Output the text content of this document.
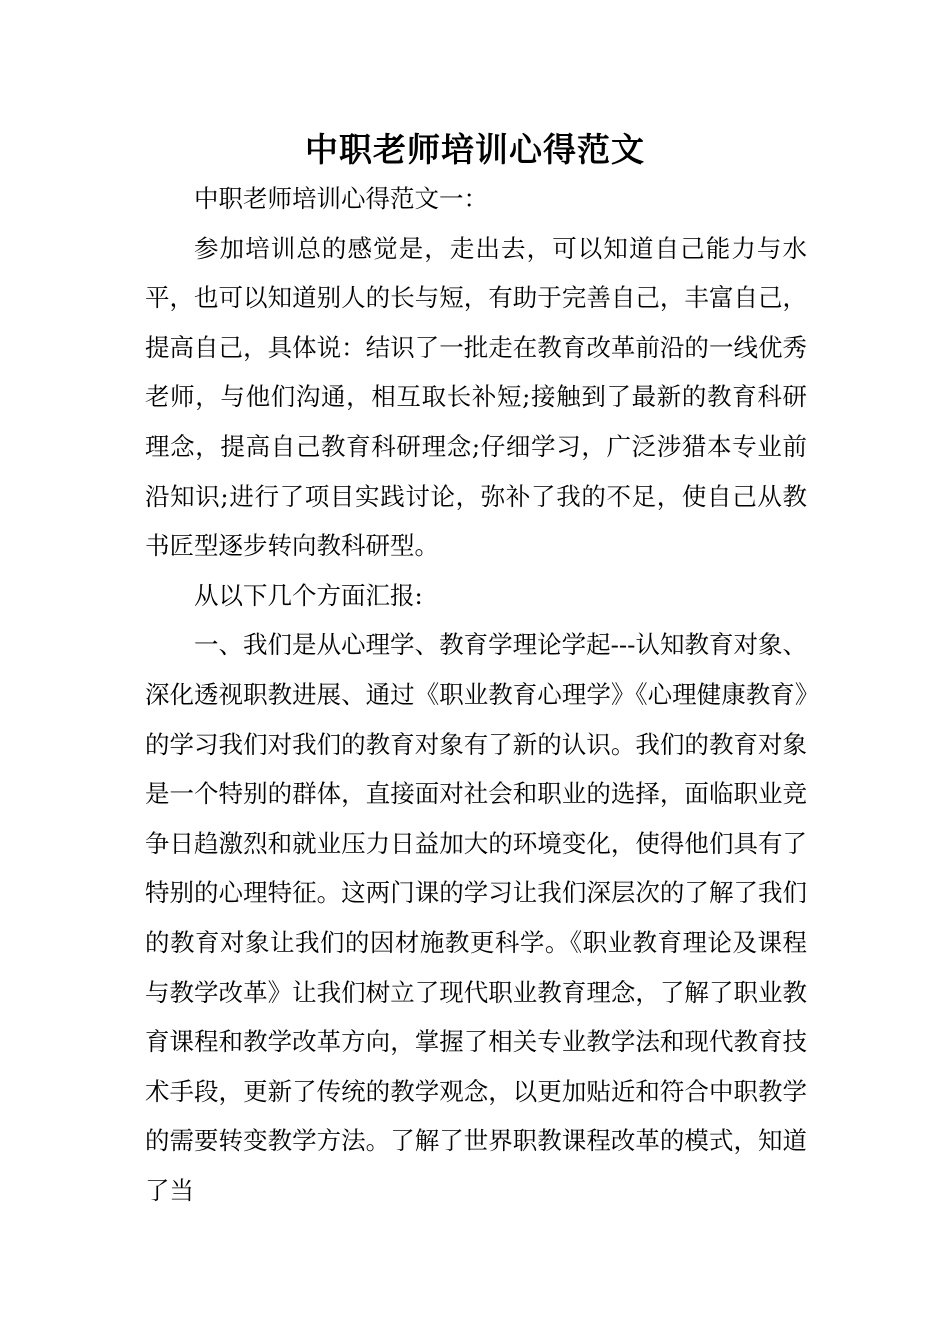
中职老师培训心得范文

中职老师培训心得范文一：

参加培训总的感觉是，走出去，可以知道自己能力与水平，也可以知道别人的长与短，有助于完善自己，丰富自己，提高自己，具体说：结识了一批走在教育改革前沿的一线优秀老师，与他们沟通，相互取长补短;接触到了最新的教育科研理念，提高自己教育科研理念;仔细学习，广泛涉猎本专业前沿知识;进行了项目实践讨论，弥补了我的不足，使自己从教书匠型逐步转向教科研型。

从以下几个方面汇报:

一、我们是从心理学、教育学理论学起---认知教育对象、深化透视职教进展、通过《职业教育心理学》《心理健康教育》的学习我们对我们的教育对象有了新的认识。我们的教育对象是一个特别的群体，直接面对社会和职业的选择，面临职业竞争日趋激烈和就业压力日益加大的环境变化，使得他们具有了特别的心理特征。这两门课的学习让我们深层次的了解了我们的教育对象让我们的因材施教更科学。《职业教育理论及课程与教学改革》让我们树立了现代职业教育理念，了解了职业教育课程和教学改革方向，掌握了相关专业教学法和现代教育技术手段，更新了传统的教学观念，以更加贴近和符合中职教学的需要转变教学方法。了解了世界职教课程改革的模式，知道了当
